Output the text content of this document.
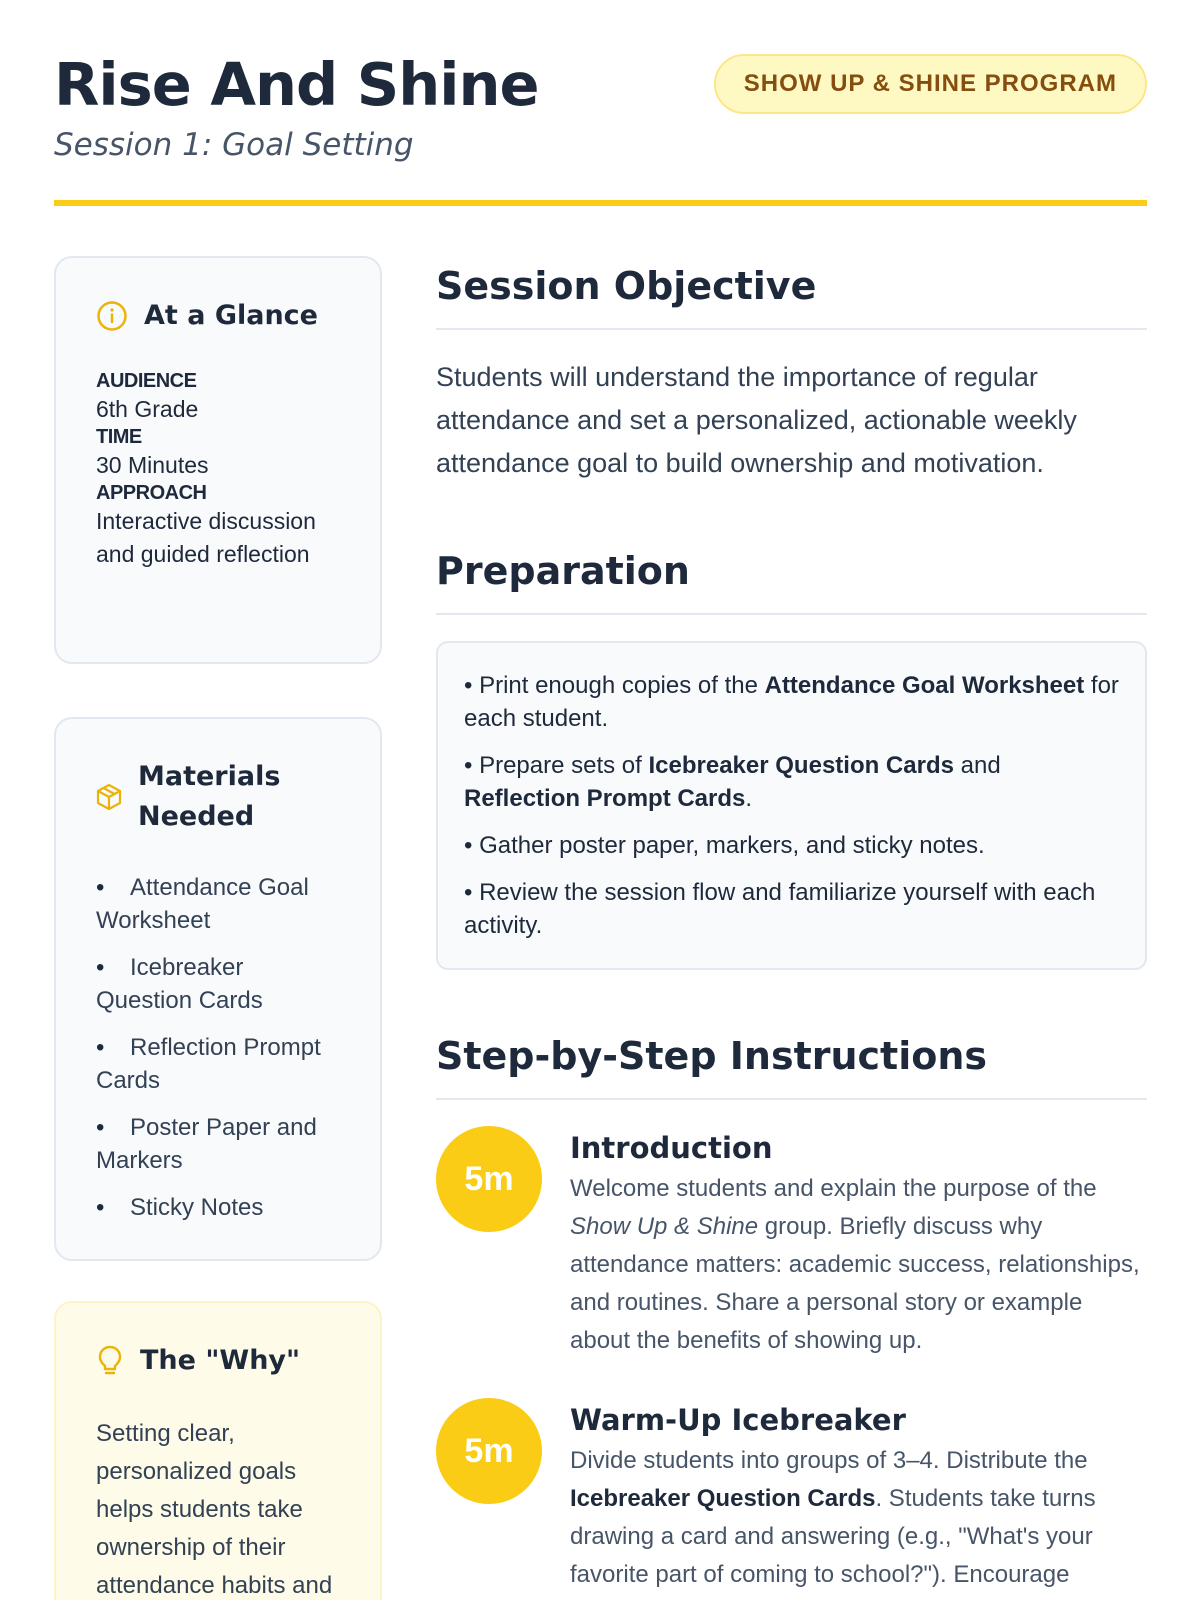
Rise And Shine
Session 1: Goal Setting
SHOW UP & SHINE PROGRAM
At a Glance
AUDIENCE
6th Grade
TIME
30 Minutes
APPROACH
Interactive discussion and guided reflection
Materials Needed
• Attendance Goal Worksheet
• Icebreaker Question Cards
• Reflection Prompt Cards
• Poster Paper and Markers
• Sticky Notes
The "Why"
Setting clear, personalized goals helps students take ownership of their attendance habits and
Session Objective

Students will understand the importance of regular attendance and set a personalized, actionable weekly attendance goal to build ownership and motivation.

Preparation
• Print enough copies of the Attendance Goal Worksheet for each student.
• Prepare sets of Icebreaker Question Cards and Reflection Prompt Cards.
• Gather poster paper, markers, and sticky notes.
• Review the session flow and familiarize yourself with each activity.
Step-by-Step Instructions
5m
Introduction
Welcome students and explain the purpose of the Show Up & Shine group. Briefly discuss why attendance matters: academic success, relationships, and routines. Share a personal story or example about the benefits of showing up.
5m
Warm-Up Icebreaker
Divide students into groups of 3–4. Distribute the Icebreaker Question Cards. Students take turns drawing a card and answering (e.g., "What's your favorite part of coming to school?"). Encourage
